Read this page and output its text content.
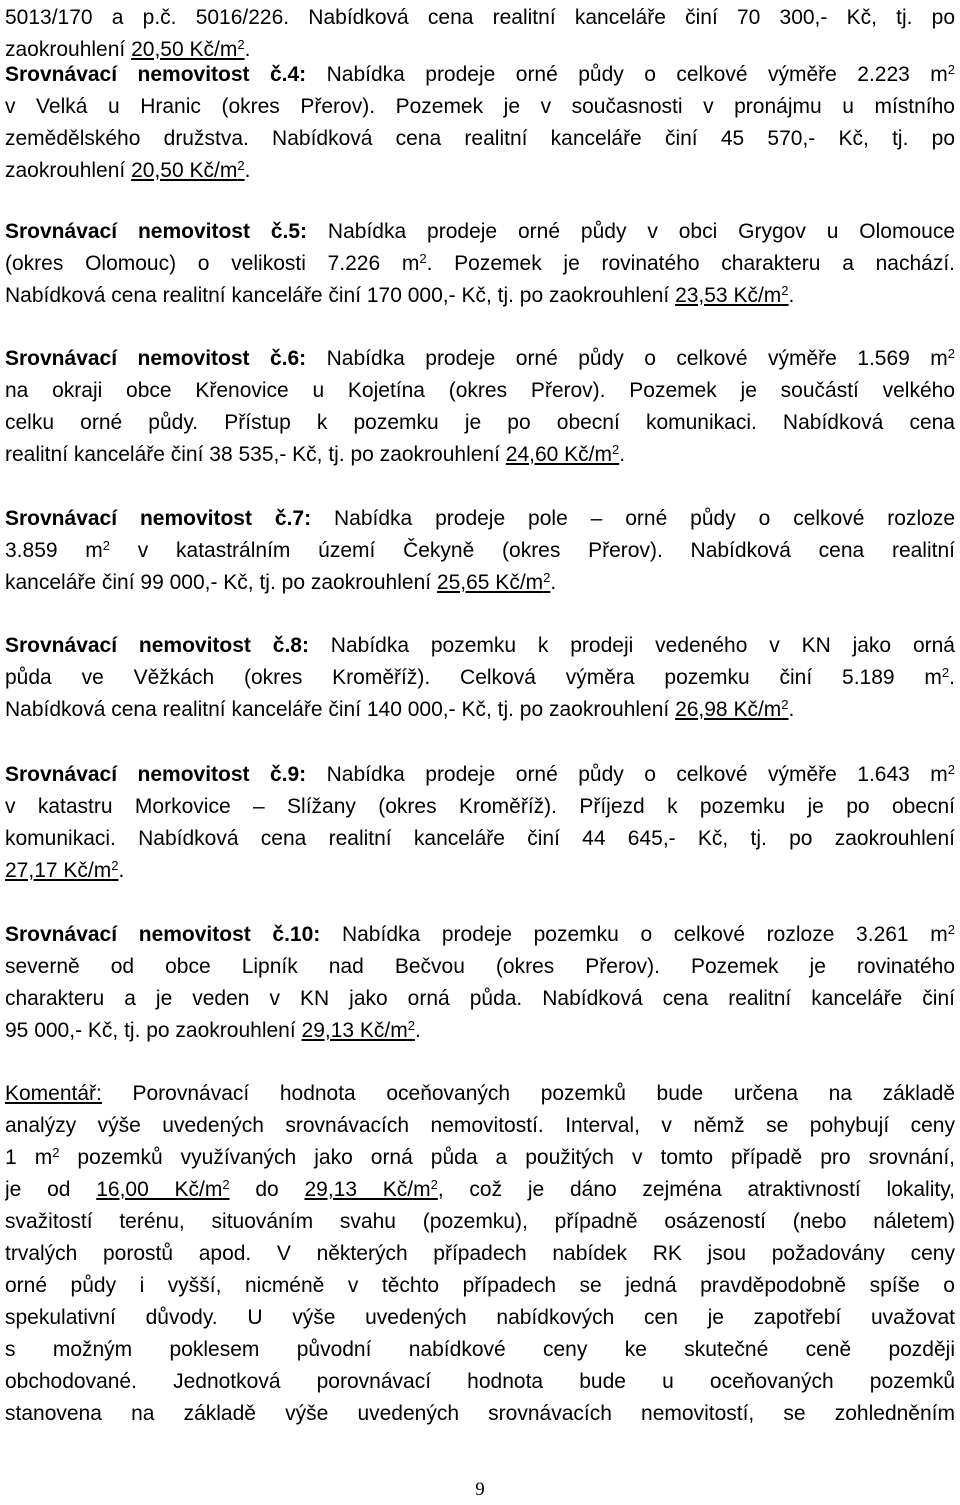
5013/170 a p.č. 5016/226. Nabídková cena realitní kanceláře činí 70 300,- Kč, tj. po
zaokrouhlení 20,50 $Kč/m^2$.
Srovnávací nemovitost č.4: Nabídka prodeje orné půdy o celkové výměře 2.223 $m^2$
v Velká u Hranic (okres Přerov). Pozemek je v současnosti v pronájmu u místního
zemědělského družstva. Nabídková cena realitní kanceláře činí 45 570,- Kč, tj. po
zaokrouhlení 20,50 $Kč/m^2$.
Srovnávací nemovitost č.5: Nabídka prodeje orné půdy v obci Grygov u Olomouce
(okres Olomouc) o velikosti 7.226 $m^2$. Pozemek je rovinatého charakteru a nachází.
Nabídková cena realitní kanceláře činí 170 000,- Kč, tj. po zaokrouhlení 23,53 $Kč/m^2$.
Srovnávací nemovitost č.6: Nabídka prodeje orné půdy o celkové výměře 1.569 $m^2$
na okraji obce Křenovice u Kojetína (okres Přerov). Pozemek je součástí velkého
celku orné půdy. Přístup k pozemku je po obecní komunikaci. Nabídková cena
realitní kanceláře činí 38 535,- Kč, tj. po zaokrouhlení 24,60 $Kč/m^2$.
Srovnávací nemovitost č.7: Nabídka prodeje pole – orné půdy o celkové rozloze
3.859 $m^2$ v katastrálním území Čekyně (okres Přerov). Nabídková cena realitní
kanceláře činí 99 000,- Kč, tj. po zaokrouhlení 25,65 $Kč/m^2$.
Srovnávací nemovitost č.8: Nabídka pozemku k prodeji vedeného v KN jako orná
půda ve Věžkách (okres Kroměříž). Celková výměra pozemku činí 5.189 $m^2$.
Nabídková cena realitní kanceláře činí 140 000,- Kč, tj. po zaokrouhlení 26,98 $Kč/m^2$.
Srovnávací nemovitost č.9: Nabídka prodeje orné půdy o celkové výměře 1.643 $m^2$
v katastru Morkovice – Slížany (okres Kroměříž). Příjezd k pozemku je po obecní
komunikaci. Nabídková cena realitní kanceláře činí 44 645,- Kč, tj. po zaokrouhlení
27,17 $Kč/m^2$.
Srovnávací nemovitost č.10: Nabídka prodeje pozemku o celkové rozloze 3.261 $m^2$
severně od obce Lipník nad Bečvou (okres Přerov). Pozemek je rovinatého
charakteru a je veden v KN jako orná půda. Nabídková cena realitní kanceláře činí
95 000,- Kč, tj. po zaokrouhlení 29,13 $Kč/m^2$.
Komentář: Porovnávací hodnota oceňovaných pozemků bude určena na základě
analýzy výše uvedených srovnávacích nemovitostí. Interval, v němž se pohybují ceny
1 $m^2$ pozemků využívaných jako orná půda a použitých v tomto případě pro srovnání,
je od 16,00 $Kč/m^2$ do 29,13 $Kč/m^2$, což je dáno zejména atraktivností lokality,
svažitostí terénu, situováním svahu (pozemku), případně osázeností (nebo náletem)
trvalých porostů apod. V některých případech nabídek RK jsou požadovány ceny
orné půdy i vyšší, nicméně v těchto případech se jedná pravděpodobně spíše o
spekulativní důvody. U výše uvedených nabídkových cen je zapotřebí uvažovat
s možným poklesem původní nabídkové ceny ke skutečné ceně později
obchodované. Jednotková porovnávací hodnota bude u oceňovaných pozemků
stanovena na základě výše uvedených srovnávacích nemovitostí, se zohledněním
9
